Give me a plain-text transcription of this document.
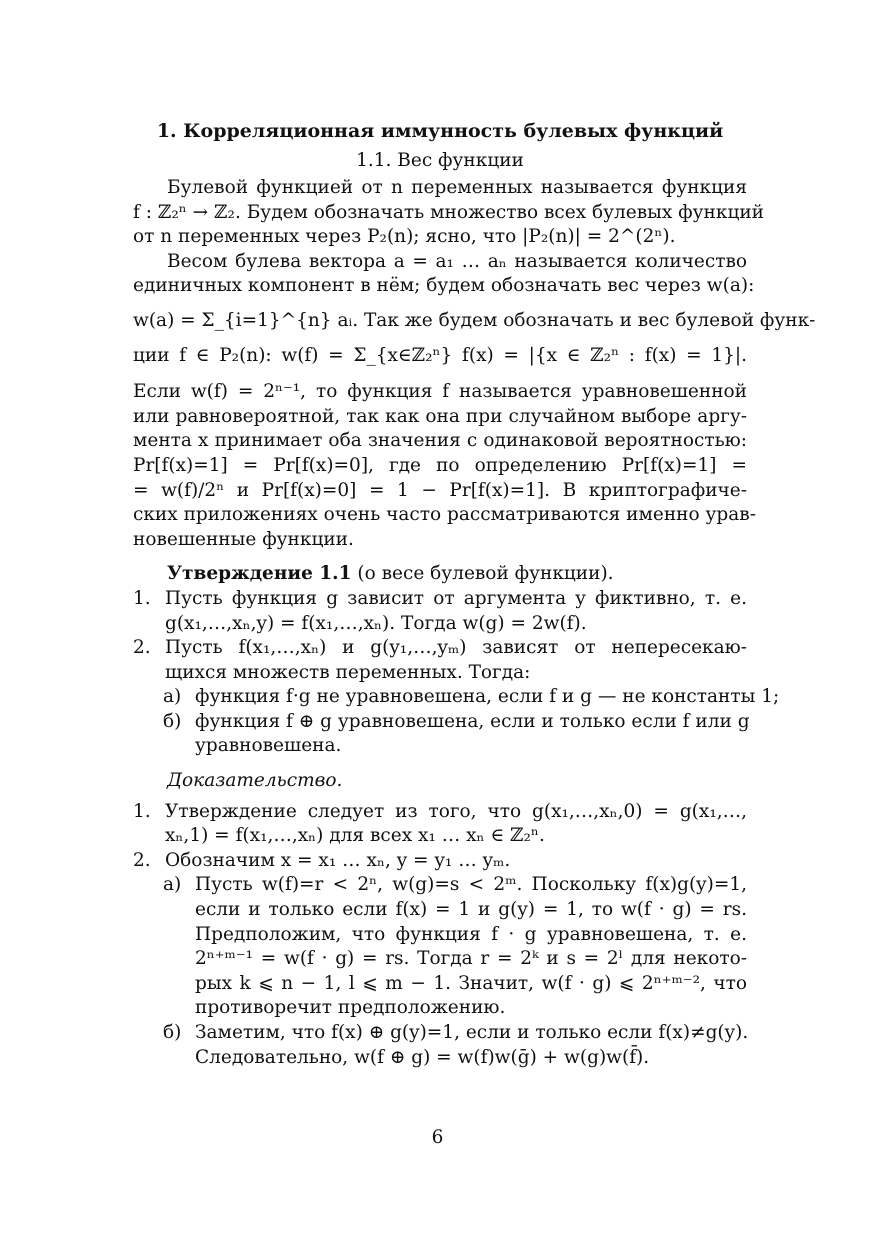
1. Корреляционная иммунность булевых функций
1.1. Вес функции
Булевой функцией от n переменных называется функция
f : ℤ₂ⁿ → ℤ₂. Будем обозначать множество всех булевых функций
от n переменных через P₂(n); ясно, что |P₂(n)| = 2^(2ⁿ).
Весом булева вектора a = a₁ … aₙ называется количество
единичных компонент в нём; будем обозначать вес через w(a):
w(a) = Σ_{i=1}^{n} aᵢ. Так же будем обозначать и вес булевой функ-
ции f ∈ P₂(n): w(f) = Σ_{x∈ℤ₂ⁿ} f(x) = |{x ∈ ℤ₂ⁿ : f(x) = 1}|.
Если w(f) = 2ⁿ⁻¹, то функция f называется уравновешенной
или равновероятной, так как она при случайном выборе аргу-
мента x принимает оба значения с одинаковой вероятностью:
Pr[f(x)=1] = Pr[f(x)=0], где по определению Pr[f(x)=1] =
= w(f)/2ⁿ и Pr[f(x)=0] = 1 − Pr[f(x)=1]. В криптографиче-
ских приложениях очень часто рассматриваются именно урав-
новешенные функции.
Утверждение 1.1 (о весе булевой функции).
1. Пусть функция g зависит от аргумента y фиктивно, т. е.
g(x₁,…,xₙ,y) = f(x₁,…,xₙ). Тогда w(g) = 2w(f).
2. Пусть f(x₁,…,xₙ) и g(y₁,…,yₘ) зависят от непересекаю-
щихся множеств переменных. Тогда:
а) функция f·g не уравновешена, если f и g — не константы 1;
б) функция f ⊕ g уравновешена, если и только если f или g
уравновешена.
Доказательство.
1. Утверждение следует из того, что g(x₁,…,xₙ,0) = g(x₁,…,
xₙ,1) = f(x₁,…,xₙ) для всех x₁ … xₙ ∈ ℤ₂ⁿ.
2. Обозначим x = x₁ … xₙ, y = y₁ … yₘ.
а) Пусть w(f)=r < 2ⁿ, w(g)=s < 2ᵐ. Поскольку f(x)g(y)=1,
если и только если f(x) = 1 и g(y) = 1, то w(f · g) = rs.
Предположим, что функция f · g уравновешена, т. е.
2ⁿ⁺ᵐ⁻¹ = w(f · g) = rs. Тогда r = 2ᵏ и s = 2ˡ для некото-
рых k ⩽ n − 1, l ⩽ m − 1. Значит, w(f · g) ⩽ 2ⁿ⁺ᵐ⁻², что
противоречит предположению.
б) Заметим, что f(x) ⊕ g(y)=1, если и только если f(x)≠g(y).
Следовательно, w(f ⊕ g) = w(f)w(ḡ) + w(g)w(f̄).
6
